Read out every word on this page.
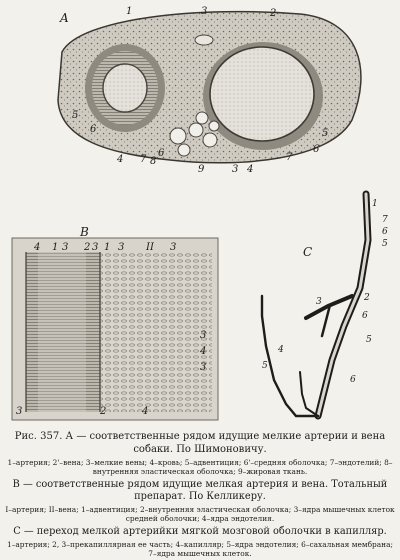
A	1	2
3
3
4
4
5
5
6
6
6
7	7
8
9
B
4 1 3 2 3 1 3 II 3
3
4
3
3	2	4
C
1
7
6
5
2
3
6
5
4
5
6

Рис. 357. А — соответственные рядом идущие мелкие артерии и вена собаки. По Шимоновичу.

1–артерия; 2'–вена; 3–мелкие вены; 4–кровь; 5–адвентиция; 6'–средняя оболочка; 7–эндотелий; 8–внутренняя эластическая оболочка; 9–жировая ткань.

В — соответственные рядом идущие мелкая артерия и вена. Тотальный препарат. По Келликеру.

I–артерия; II–вена; 1–адвентиция; 2–внутренняя эластическая оболочка; 3–ядра мышечных клеток средней оболочки; 4–ядра эндотелия.

С — переход мелкой артерийки мягкой мозговой оболочки в капилляр.

1–артерия; 2, 3–прекапиллярная ее часть; 4–капилляр; 5–ядра эндотелия; 6–сахальная мембрана; 7–ядра мышечных клеток.
